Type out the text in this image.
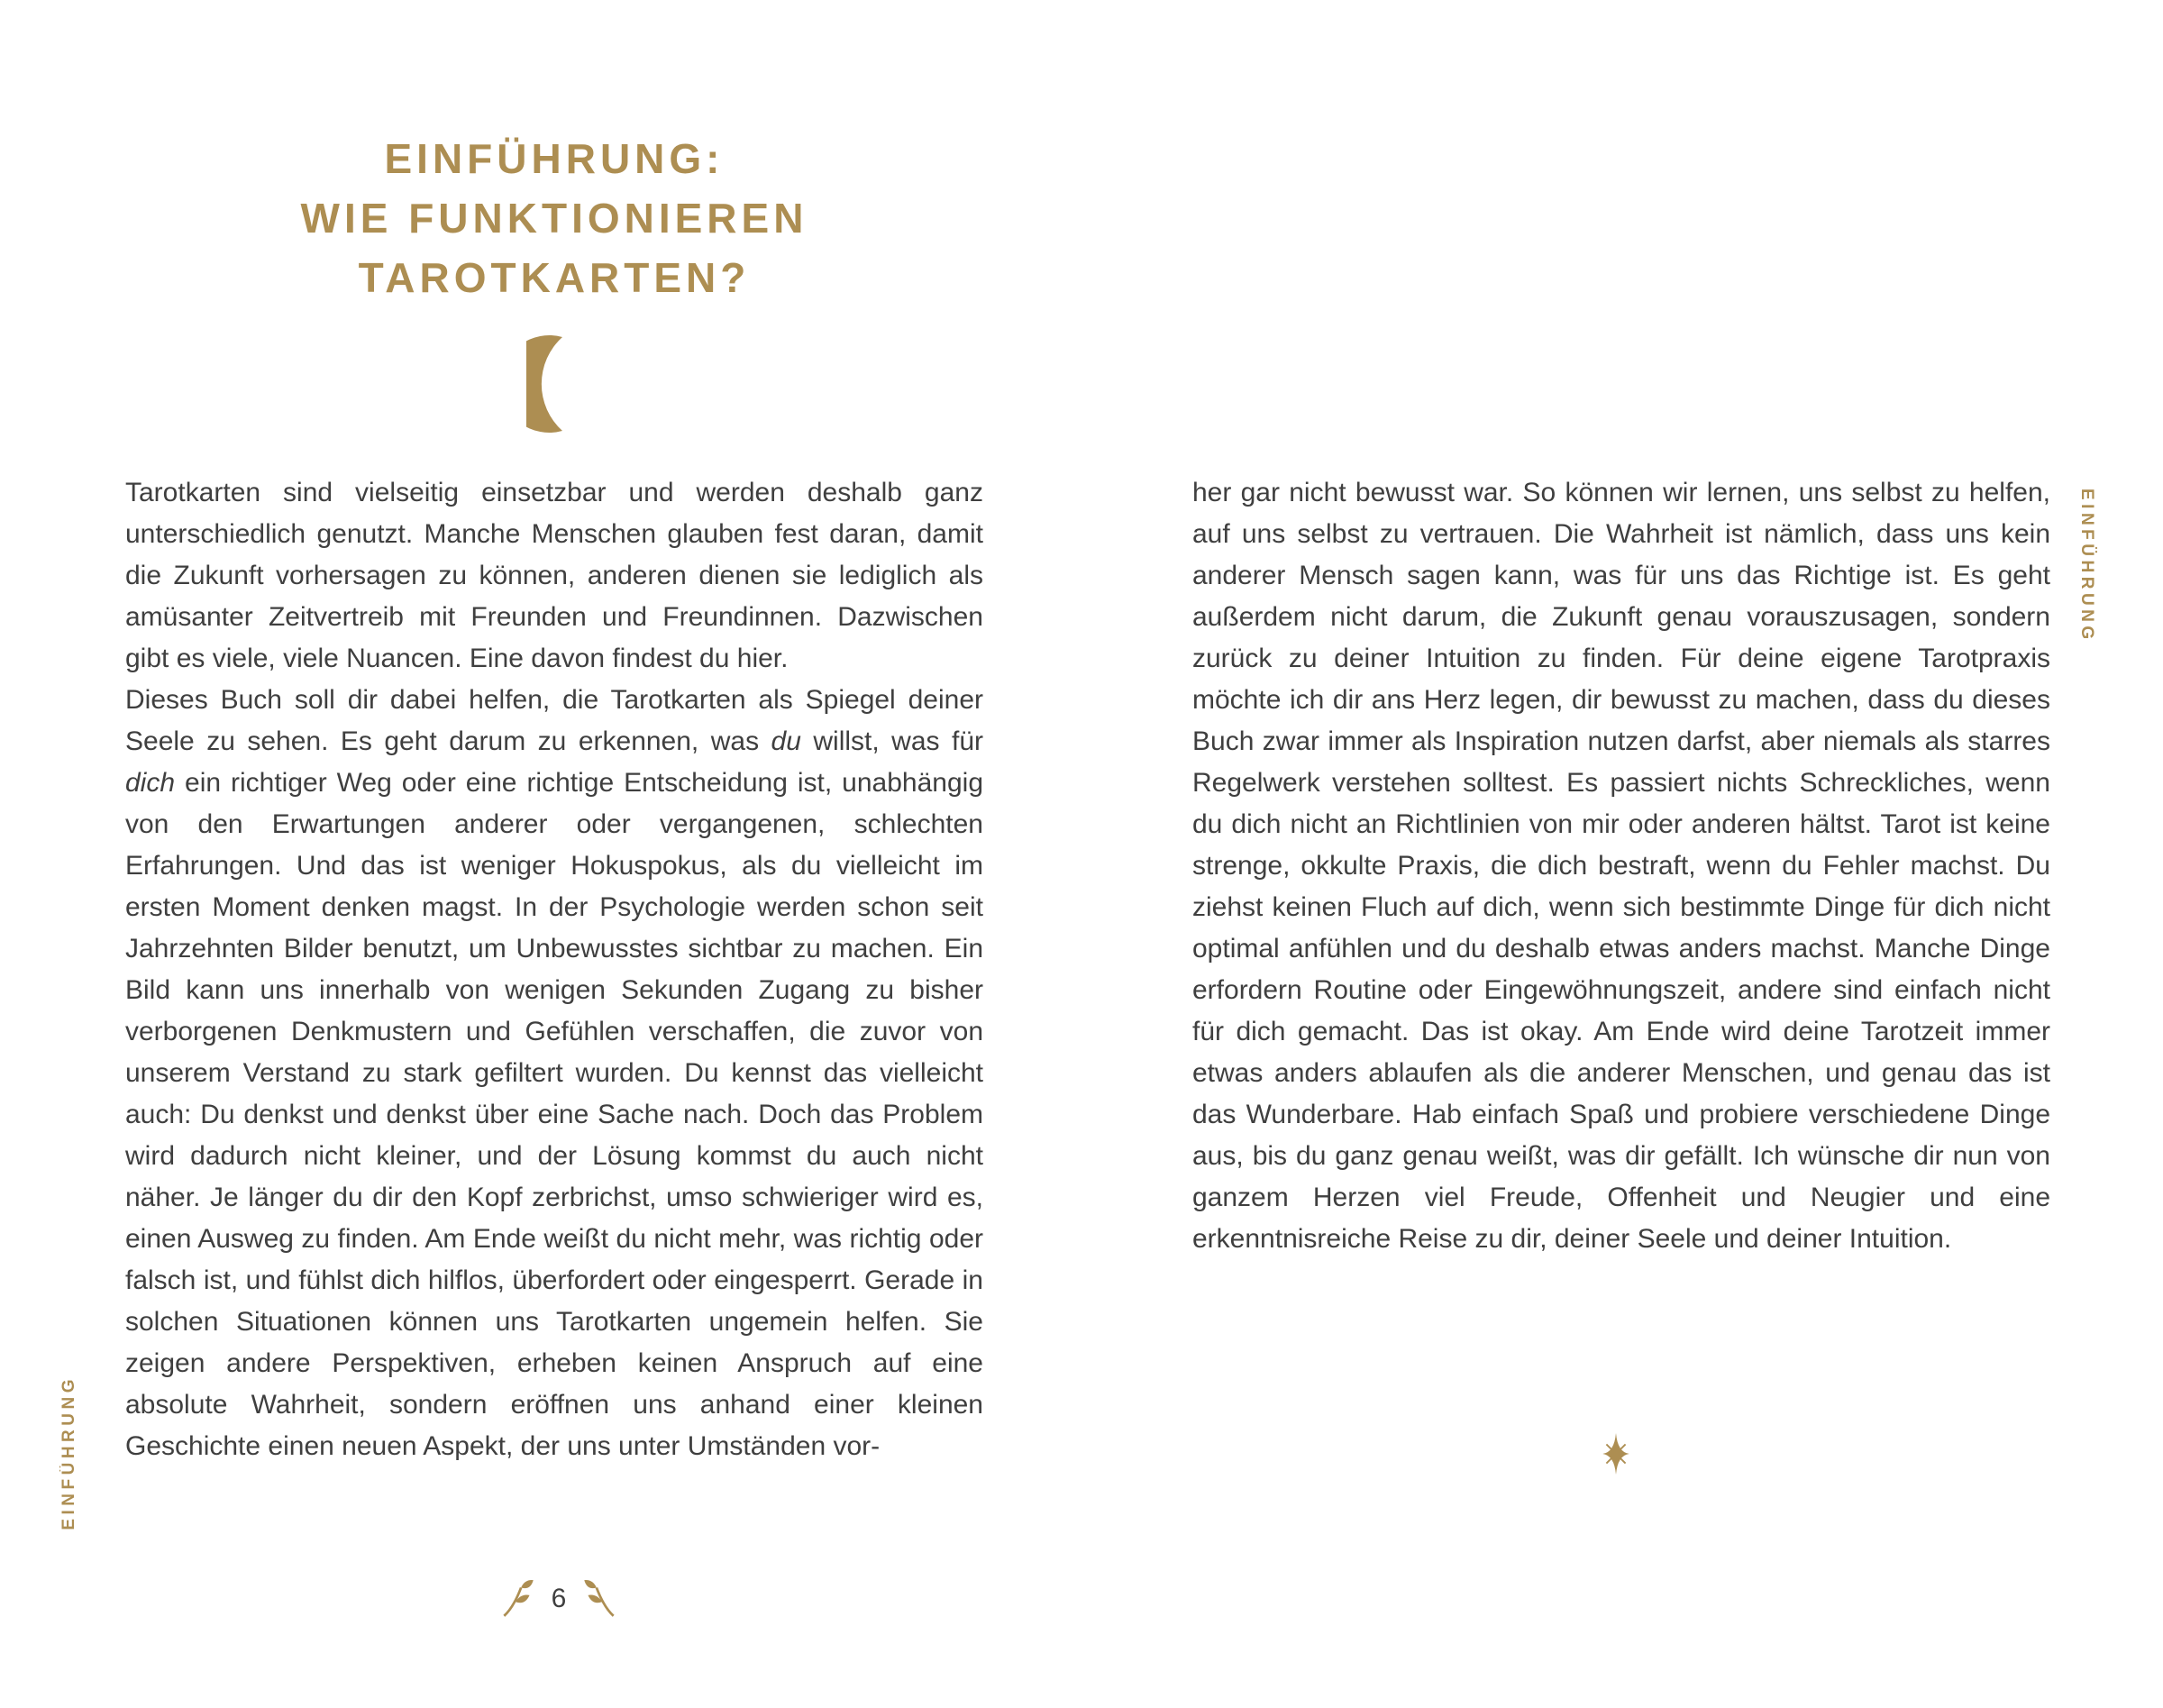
EINFÜHRUNG:
WIE FUNKTIONIEREN
TAROTKARTEN?

Tarotkarten sind vielseitig einsetzbar und werden deshalb ganz unterschiedlich genutzt. Manche Menschen glauben fest daran, damit die Zukunft vorhersagen zu können, anderen dienen sie lediglich als amüsanter Zeitvertreib mit Freunden und Freundinnen. Dazwischen gibt es viele, viele Nuancen. Eine davon findest du hier.

Dieses Buch soll dir dabei helfen, die Tarotkarten als Spiegel deiner Seele zu sehen. Es geht darum zu erkennen, was du willst, was für dich ein richtiger Weg oder eine richtige Entscheidung ist, unabhängig von den Erwartungen anderer oder vergangenen, schlechten Erfahrungen. Und das ist weniger Hokuspokus, als du vielleicht im ersten Moment denken magst. In der Psychologie werden schon seit Jahrzehnten Bilder benutzt, um Unbewusstes sichtbar zu machen. Ein Bild kann uns innerhalb von wenigen Sekunden Zugang zu bisher verborgenen Denkmustern und Gefühlen verschaffen, die zuvor von unserem Verstand zu stark gefiltert wurden. Du kennst das vielleicht auch: Du denkst und denkst über eine Sache nach. Doch das Problem wird dadurch nicht kleiner, und der Lösung kommst du auch nicht näher. Je länger du dir den Kopf zerbrichst, umso schwieriger wird es, einen Ausweg zu finden. Am Ende weißt du nicht mehr, was richtig oder falsch ist, und fühlst dich hilflos, überfordert oder eingesperrt. Gerade in solchen Situationen können uns Tarotkarten ungemein helfen. Sie zeigen andere Perspektiven, erheben keinen Anspruch auf eine absolute Wahrheit, sondern eröffnen uns anhand einer kleinen Geschichte einen neuen Aspekt, der uns unter Umständen vor-

her gar nicht bewusst war. So können wir lernen, uns selbst zu helfen, auf uns selbst zu vertrauen. Die Wahrheit ist nämlich, dass uns kein anderer Mensch sagen kann, was für uns das Richtige ist. Es geht außerdem nicht darum, die Zukunft genau vorauszusagen, sondern zurück zu deiner Intuition zu finden. Für deine eigene Tarotpraxis möchte ich dir ans Herz legen, dir bewusst zu machen, dass du dieses Buch zwar immer als Inspiration nutzen darfst, aber niemals als starres Regelwerk verstehen solltest. Es passiert nichts Schreckliches, wenn du dich nicht an Richtlinien von mir oder anderen hältst. Tarot ist keine strenge, okkulte Praxis, die dich bestraft, wenn du Fehler machst. Du ziehst keinen Fluch auf dich, wenn sich bestimmte Dinge für dich nicht optimal anfühlen und du deshalb etwas anders machst. Manche Dinge erfordern Routine oder Eingewöhnungszeit, andere sind einfach nicht für dich gemacht. Das ist okay. Am Ende wird deine Tarotzeit immer etwas anders ablaufen als die anderer Menschen, und genau das ist das Wunderbare. Hab einfach Spaß und probiere verschiedene Dinge aus, bis du ganz genau weißt, was dir gefällt. Ich wünsche dir nun von ganzem Herzen viel Freude, Offenheit und Neugier und eine erkenntnisreiche Reise zu dir, deiner Seele und deiner Intuition.

EINFÜHRUNG
EINFÜHRUNG
6
